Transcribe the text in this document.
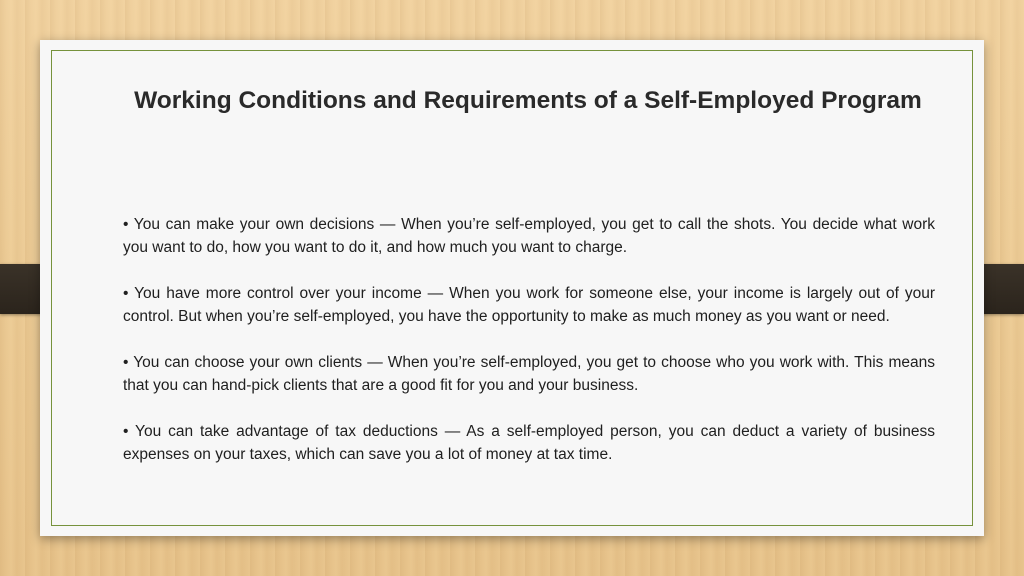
Working Conditions and Requirements of a Self-Employed Program

• You can make your own decisions — When you’re self-employed, you get to call the shots. You decide what work you want to do, how you want to do it, and how much you want to charge.

• You have more control over your income — When you work for someone else, your income is largely out of your control. But when you’re self-employed, you have the opportunity to make as much money as you want or need.

• You can choose your own clients — When you’re self-employed, you get to choose who you work with. This means that you can hand-pick clients that are a good fit for you and your business.

• You can take advantage of tax deductions — As a self-employed person, you can deduct a variety of business expenses on your taxes, which can save you a lot of money at tax time.
